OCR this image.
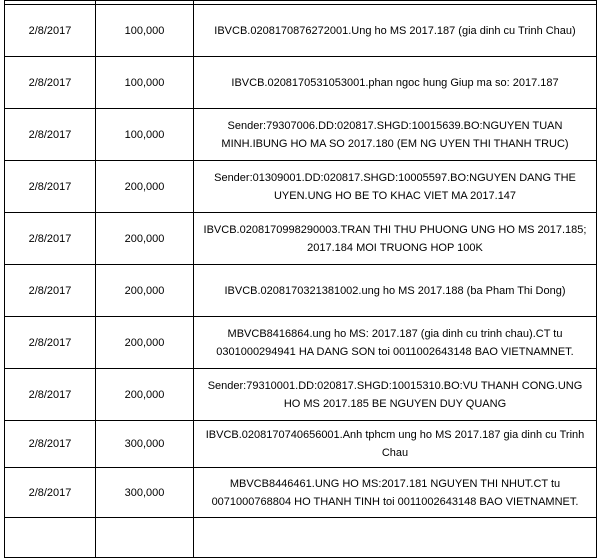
2/8/2017	100,000	IBVCB.0208170876272001.Ung ho MS 2017.187 (gia dinh cu Trinh Chau)
2/8/2017	100,000	IBVCB.0208170531053001.phan ngoc hung Giup ma so: 2017.187
2/8/2017	100,000	Sender:79307006.DD:020817.SHGD:10015639.BO:NGUYEN TUAN MINH.IBUNG HO MA SO 2017.180 (EM NG UYEN THI THANH TRUC)
2/8/2017	200,000	Sender:01309001.DD:020817.SHGD:10005597.BO:NGUYEN DANG THE UYEN.UNG HO BE TO KHAC VIET MA 2017.147
2/8/2017	200,000	IBVCB.0208170998290003.TRAN THI THU PHUONG UNG HO MS 2017.185; 2017.184 MOI TRUONG HOP 100K
2/8/2017	200,000	IBVCB.0208170321381002.ung ho MS 2017.188 (ba Pham Thi Dong)
2/8/2017	200,000	MBVCB8416864.ung ho MS: 2017.187 (gia dinh cu trinh chau).CT tu 0301000294941 HA DANG SON toi 0011002643148 BAO VIETNAMNET.
2/8/2017	200,000	Sender:79310001.DD:020817.SHGD:10015310.BO:VU THANH CONG.UNG HO MS 2017.185 BE NGUYEN DUY QUANG
2/8/2017	300,000	IBVCB.0208170740656001.Anh tphcm ung ho MS 2017.187 gia dinh cu Trinh Chau
2/8/2017	300,000	MBVCB8446461.UNG HO MS:2017.181 NGUYEN THI NHUT.CT tu 0071000768804 HO THANH TINH toi 0011002643148 BAO VIETNAMNET.
